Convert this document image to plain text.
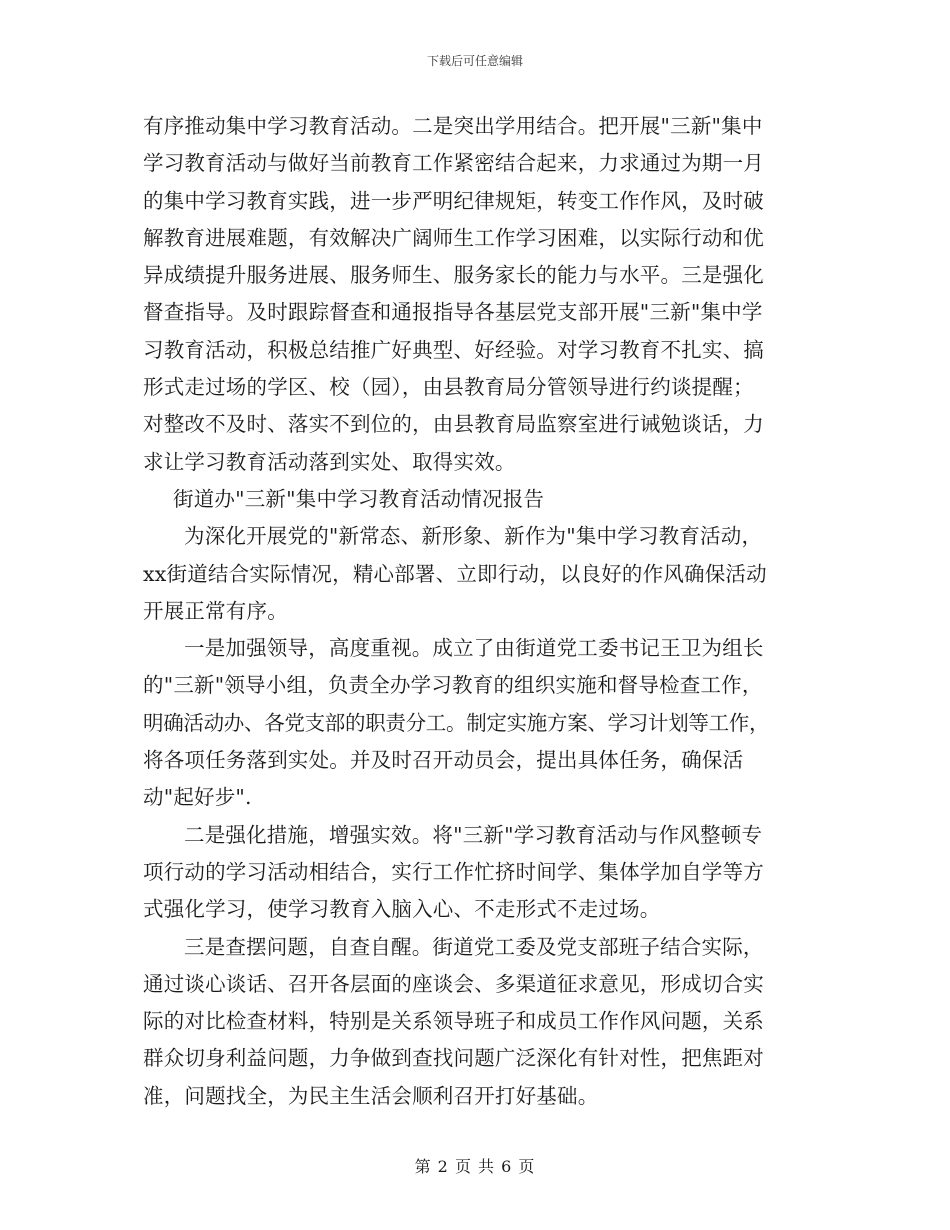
下载后可任意编辑
有序推动集中学习教育活动。二是突出学用结合。把开展"三新"集中
学习教育活动与做好当前教育工作紧密结合起来，力求通过为期一月
的集中学习教育实践，进一步严明纪律规矩，转变工作作风，及时破
解教育进展难题，有效解决广阔师生工作学习困难，以实际行动和优
异成绩提升服务进展、服务师生、服务家长的能力与水平。三是强化
督查指导。及时跟踪督查和通报指导各基层党支部开展"三新"集中学
习教育活动，积极总结推广好典型、好经验。对学习教育不扎实、搞
形式走过场的学区、校（园），由县教育局分管领导进行约谈提醒；
对整改不及时、落实不到位的，由县教育局监察室进行诫勉谈话，力
求让学习教育活动落到实处、取得实效。
街道办"三新"集中学习教育活动情况报告
为深化开展党的"新常态、新形象、新作为"集中学习教育活动，
xx街道结合实际情况，精心部署、立即行动，以良好的作风确保活动
开展正常有序。
一是加强领导，高度重视。成立了由街道党工委书记王卫为组长
的"三新"领导小组，负责全办学习教育的组织实施和督导检查工作，
明确活动办、各党支部的职责分工。制定实施方案、学习计划等工作，
将各项任务落到实处。并及时召开动员会，提出具体任务，确保活
动"起好步".
二是强化措施，增强实效。将"三新"学习教育活动与作风整顿专
项行动的学习活动相结合，实行工作忙挤时间学、集体学加自学等方
式强化学习，使学习教育入脑入心、不走形式不走过场。
三是查摆问题，自查自醒。街道党工委及党支部班子结合实际，
通过谈心谈话、召开各层面的座谈会、多渠道征求意见，形成切合实
际的对比检查材料，特别是关系领导班子和成员工作作风问题，关系
群众切身利益问题，力争做到查找问题广泛深化有针对性，把焦距对
准，问题找全，为民主生活会顺利召开打好基础。
第 2 页 共 6 页
